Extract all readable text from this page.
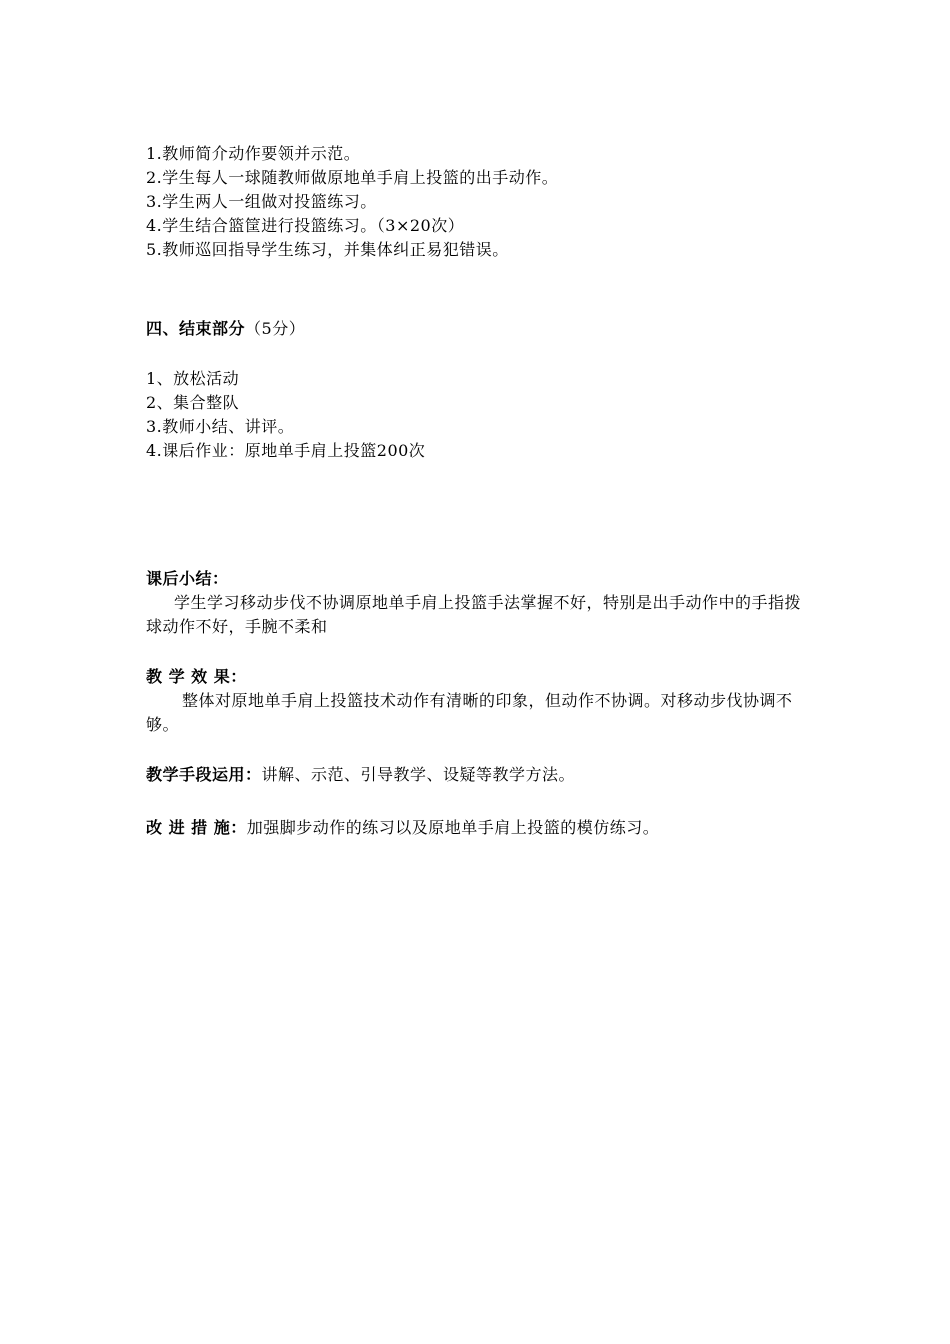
1.教师简介动作要领并示范。
2.学生每人一球随教师做原地单手肩上投篮的出手动作。
3.学生两人一组做对投篮练习。
4.学生结合篮筐进行投篮练习。（3×20次）
5.教师巡回指导学生练习，并集体纠正易犯错误。
四、结束部分（5分）
1、放松活动
2、集合整队
3.教师小结、讲评。
4.课后作业：原地单手肩上投篮200次
课后小结：
学生学习移动步伐不协调原地单手肩上投篮手法掌握不好，特别是出手动作中的手指拨球动作不好，手腕不柔和
教 学 效 果：
整体对原地单手肩上投篮技术动作有清晰的印象，但动作不协调。对移动步伐协调不够。
教学手段运用：讲解、示范、引导教学、设疑等教学方法。
改 进 措 施：加强脚步动作的练习以及原地单手肩上投篮的模仿练习。
